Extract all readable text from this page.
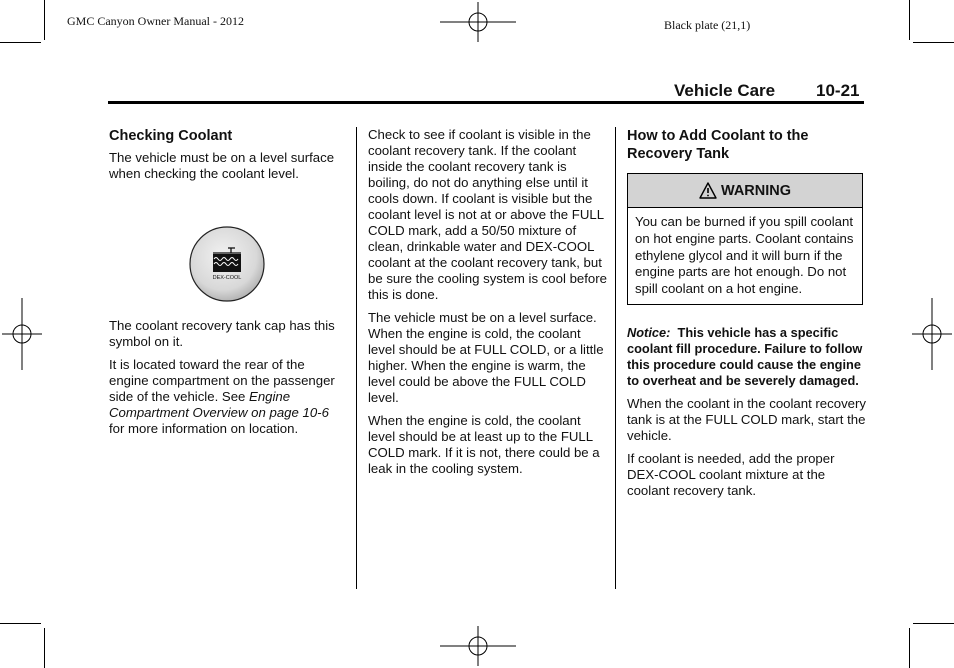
GMC Canyon Owner Manual - 2012	Black plate (21,1)
Vehicle Care 10-21
Checking Coolant

The vehicle must be on a level surface when checking the coolant level.

DEX-COOL

The coolant recovery tank cap has this symbol on it.

It is located toward the rear of the engine compartment on the passenger side of the vehicle. See Engine Compartment Overview on page 10-6 for more information on location.

Check to see if coolant is visible in the coolant recovery tank. If the coolant inside the coolant recovery tank is boiling, do not do anything else until it cools down. If coolant is visible but the coolant level is not at or above the FULL COLD mark, add a 50/50 mixture of clean, drinkable water and DEX-COOL coolant at the coolant recovery tank, but be sure the cooling system is cool before this is done.

The vehicle must be on a level surface. When the engine is cold, the coolant level should be at FULL COLD, or a little higher. When the engine is warm, the level could be above the FULL COLD level.

When the engine is cold, the coolant level should be at least up to the FULL COLD mark. If it is not, there could be a leak in the cooling system.

How to Add Coolant to the Recovery Tank
WARNING
You can be burned if you spill coolant on hot engine parts. Coolant contains ethylene glycol and it will burn if the engine parts are hot enough. Do not spill coolant on a hot engine.

Notice: This vehicle has a specific coolant fill procedure. Failure to follow this procedure could cause the engine to overheat and be severely damaged.

When the coolant in the coolant recovery tank is at the FULL COLD mark, start the vehicle.

If coolant is needed, add the proper DEX-COOL coolant mixture at the coolant recovery tank.
